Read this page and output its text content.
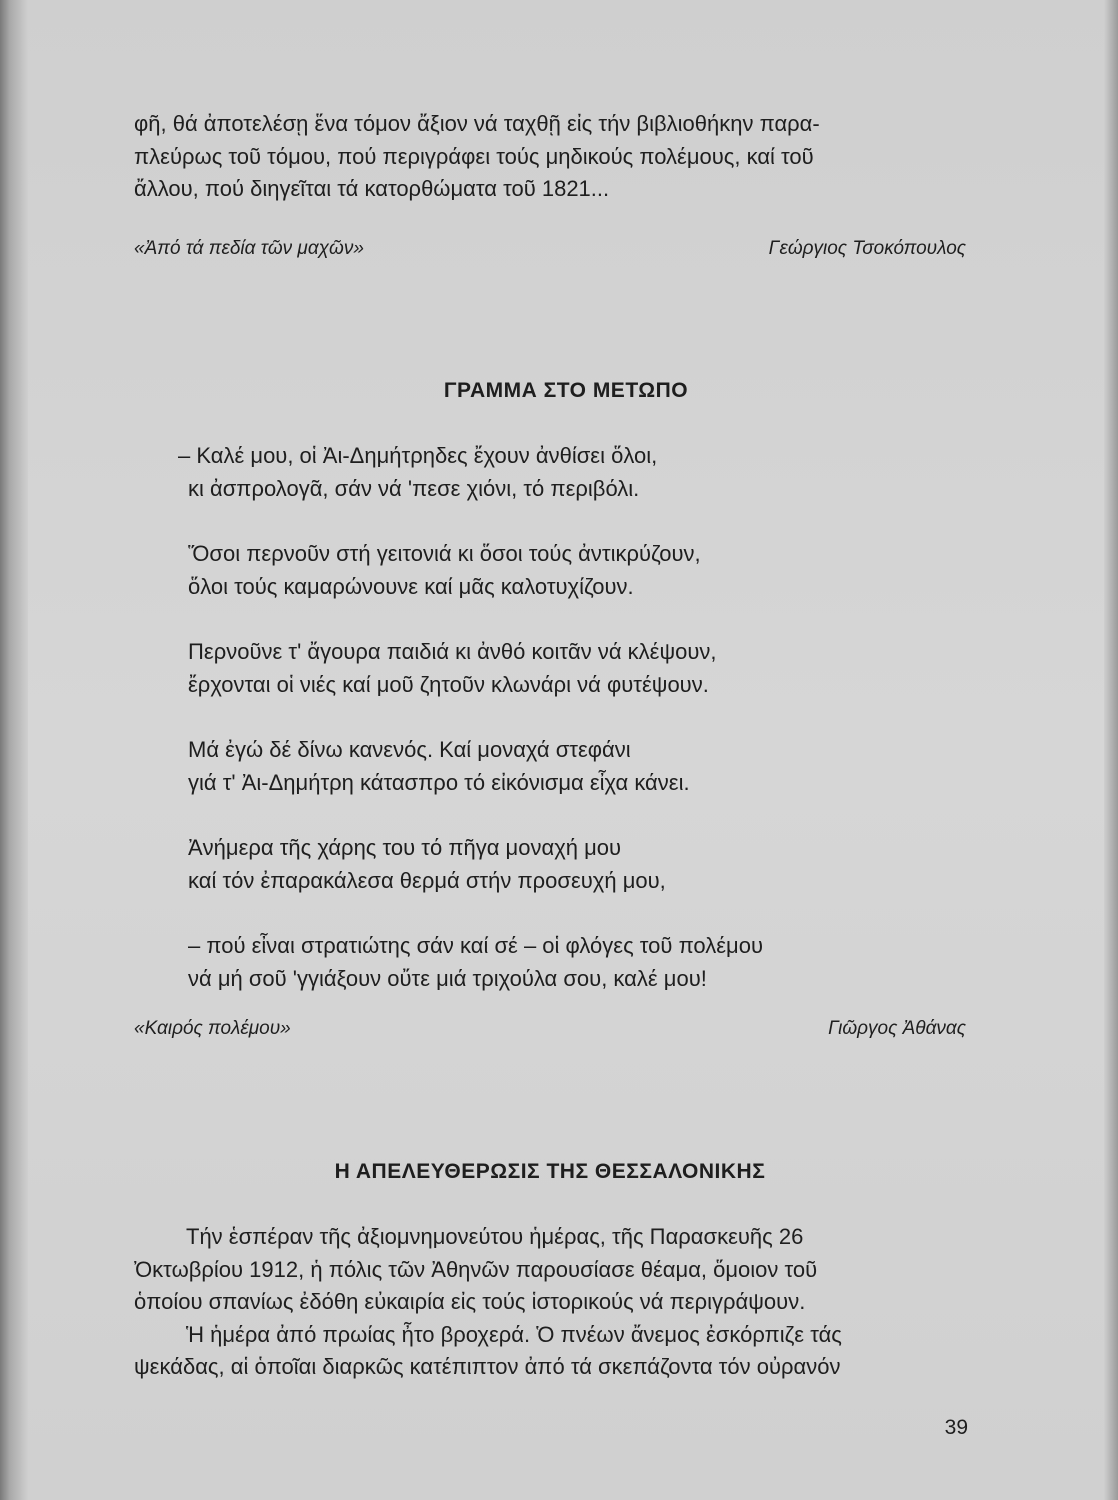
φῆ, θά ἀποτελέσῃ ἕνα τόμον ἄξιον νά ταχθῇ εἰς τήν βιβλιοθήκην παρα-

πλεύρως τοῦ τόμου, πού περιγράφει τούς μηδικούς πολέμους, καί τοῦ

ἄλλου, πού διηγεῖται τά κατορθώματα τοῦ 1821...

«Ἀπό τά πεδία τῶν μαχῶν»	Γεώργιος Τσοκόπουλος
ΓΡΑΜΜΑ ΣΤΟ ΜΕΤΩΠΟ
– Καλέ μου, οἱ Ἀι-Δημήτρηδες ἔχουν ἀνθίσει ὅλοι,
κι ἀσπρολογᾶ, σάν νά 'πεσε χιόνι, τό περιβόλι.
Ὅσοι περνοῦν στή γειτονιά κι ὅσοι τούς ἀντικρύζουν,
ὅλοι τούς καμαρώνουνε καί μᾶς καλοτυχίζουν.
Περνοῦνε τ' ἄγουρα παιδιά κι ἀνθό κοιτᾶν νά κλέψουν,
ἔρχονται οἱ νιές καί μοῦ ζητοῦν κλωνάρι νά φυτέψουν.
Μά ἐγώ δέ δίνω κανενός. Καί μοναχά στεφάνι
γιά τ' Ἀι-Δημήτρη κάτασπρο τό εἰκόνισμα εἶχα κάνει.
Ἀνήμερα τῆς χάρης του τό πῆγα μοναχή μου
καί τόν ἐπαρακάλεσα θερμά στήν προσευχή μου,
– πού εἶναι στρατιώτης σάν καί σέ – οἱ φλόγες τοῦ πολέμου
νά μή σοῦ 'γγιάξουν οὔτε μιά τριχούλα σου, καλέ μου!
«Καιρός πολέμου»	Γιῶργος Ἀθάνας
Η ΑΠΕΛΕΥΘΕΡΩΣΙΣ ΤΗΣ ΘΕΣΣΑΛΟΝΙΚΗΣ

Τήν ἑσπέραν τῆς ἀξιομνημονεύτου ἡμέρας, τῆς Παρασκευῆς 26

Ὀκτωβρίου 1912, ἡ πόλις τῶν Ἀθηνῶν παρουσίασε θέαμα, ὅμοιον τοῦ

ὁποίου σπανίως ἐδόθη εὐκαιρία εἰς τούς ἱστορικούς νά περιγράψουν.

Ἡ ἡμέρα ἀπό πρωίας ἦτο βροχερά. Ὁ πνέων ἄνεμος ἐσκόρπιζε τάς

ψεκάδας, αἱ ὁποῖαι διαρκῶς κατέπιπτον ἀπό τά σκεπάζοντα τόν οὐρανόν

39
